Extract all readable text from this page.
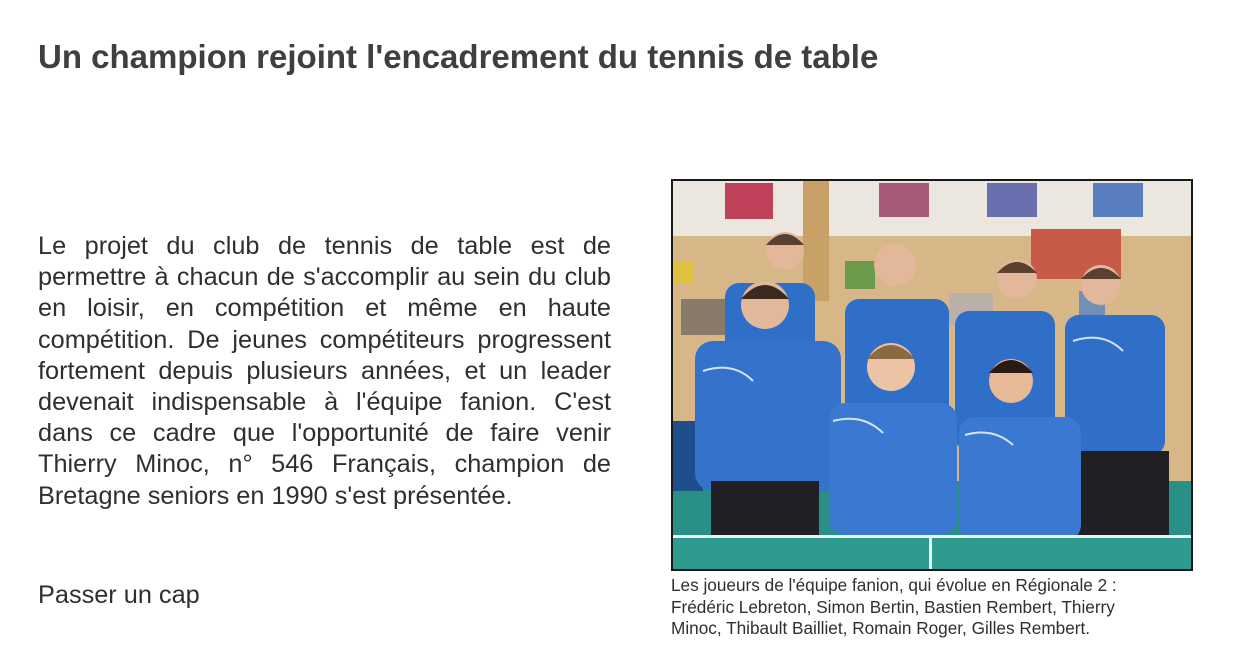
Un champion rejoint l'encadrement du tennis de table

Le projet du club de tennis de table est de permettre à chacun de s'accomplir au sein du club en loisir, en compétition et même en haute compétition. De jeunes compétiteurs progressent fortement depuis plusieurs années, et un leader devenait indispensable à l'équipe fanion. C'est dans ce cadre que l'opportunité de faire venir Thierry Minoc, n° 546 Français, champion de Bretagne seniors en 1990 s'est présentée.

Passer un cap	Les joueurs de l'équipe fanion, qui évolue en Régionale 2 :
Frédéric Lebreton, Simon Bertin, Bastien Rembert, Thierry
Minoc, Thibault Bailliet, Romain Roger, Gilles Rembert.
